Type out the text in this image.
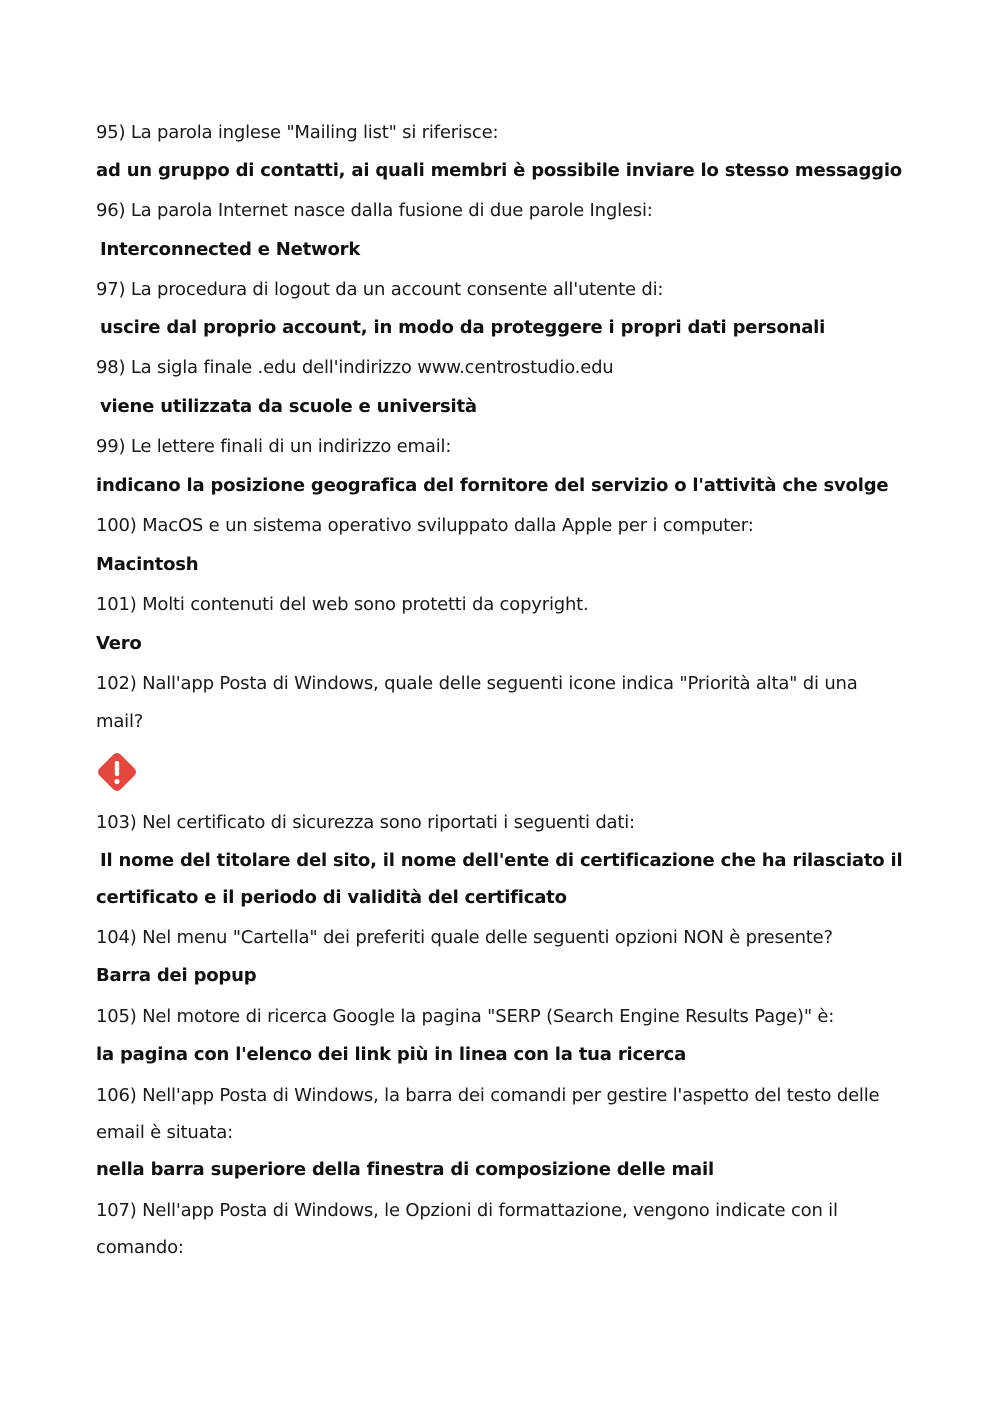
95) La parola inglese "Mailing list" si riferisce:
ad un gruppo di contatti, ai quali membri è possibile inviare lo stesso messaggio
96) La parola Internet nasce dalla fusione di due parole Inglesi:
Interconnected e Network
97) La procedura di logout da un account consente all'utente di:
uscire dal proprio account, in modo da proteggere i propri dati personali
98) La sigla finale .edu dell'indirizzo www.centrostudio.edu
viene utilizzata da scuole e università
99) Le lettere finali di un indirizzo email:
indicano la posizione geografica del fornitore del servizio o l'attività che svolge
100) MacOS e un sistema operativo sviluppato dalla Apple per i computer:
Macintosh
101) Molti contenuti del web sono protetti da copyright.
Vero
102) Nall'app Posta di Windows, quale delle seguenti icone indica "Priorità alta" di una
mail?
103) Nel certificato di sicurezza sono riportati i seguenti dati:
Il nome del titolare del sito, il nome dell'ente di certificazione che ha rilasciato il
certificato e il periodo di validità del certificato
104) Nel menu "Cartella" dei preferiti quale delle seguenti opzioni NON è presente?
Barra dei popup
105) Nel motore di ricerca Google la pagina "SERP (Search Engine Results Page)" è:
la pagina con l'elenco dei link più in linea con la tua ricerca
106) Nell'app Posta di Windows, la barra dei comandi per gestire l'aspetto del testo delle
email è situata:
nella barra superiore della finestra di composizione delle mail
107) Nell'app Posta di Windows, le Opzioni di formattazione, vengono indicate con il
comando:
